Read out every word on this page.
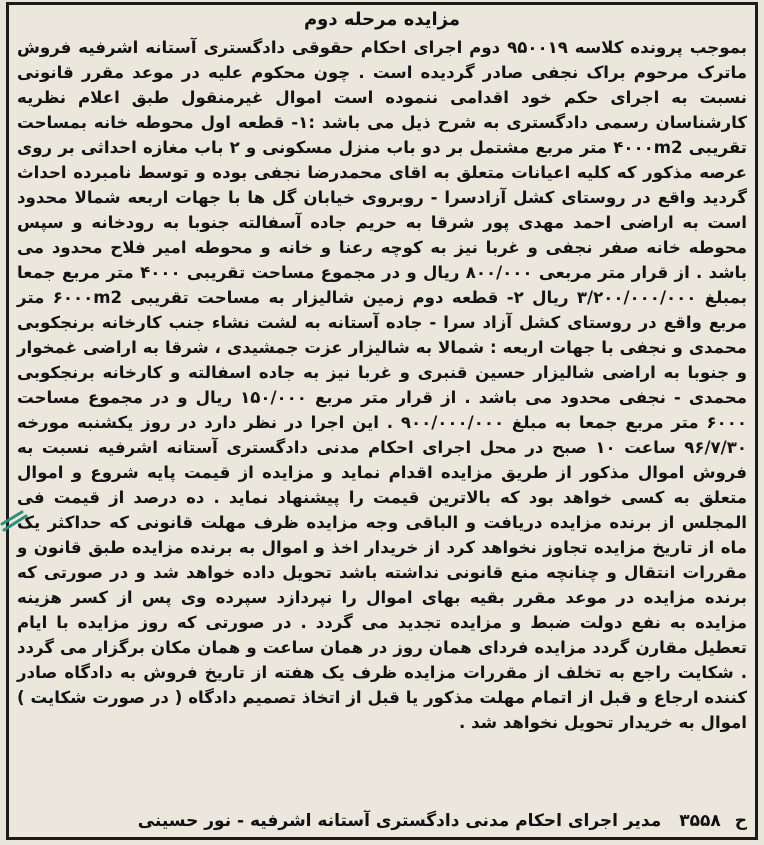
مزایده مرحله دوم

بموجب پرونده کلاسه ۹۵۰۰۱۹ دوم اجرای احکام حقوقی دادگستری آستانه اشرفیه فروش ماترک مرحوم براک نجفی صادر گردیده است . چون محکوم علیه در موعد مقرر قانونی نسبت به اجرای حکم خود اقدامی ننموده است اموال غیرمنقول طبق اعلام نظریه کارشناسان رسمی دادگستری به شرح ذیل می باشد :۱- قطعه اول محوطه خانه بمساحت تقریبی ۴۰۰۰m2 متر مربع مشتمل بر دو باب منزل مسکونی و ۲ باب مغازه احداثی بر روی عرصه مذکور که کلیه اعیانات متعلق به اقای محمدرضا نجفی بوده و توسط نامبرده احداث گردید واقع در روستای کشل آزادسرا - روبروی خیابان گل ها با جهات اربعه شمالا محدود است به اراضی احمد مهدی پور شرقا به حریم جاده آسفالته جنوبا به رودخانه و سپس محوطه خانه صفر نجفی و غربا نیز به کوچه رعنا و خانه و محوطه امیر فلاح محدود می باشد . از قرار متر مربعی ۸۰۰/۰۰۰ ریال و در مجموع مساحت تقریبی ۴۰۰۰ متر مربع جمعا بمبلغ ۳/۲۰۰/۰۰۰/۰۰۰ ریال ۲- قطعه دوم زمین شالیزار به مساحت تقریبی ۶۰۰۰m2 متر مربع واقع در روستای کشل آزاد سرا - جاده آستانه به لشت نشاء جنب کارخانه برنجکوبی محمدی و نجفی با جهات اربعه : شمالا به شالیزار عزت جمشیدی ، شرقا به اراضی غمخوار و جنوبا به اراضی شالیزار حسین قنبری و غربا نیز به جاده اسفالته و کارخانه برنجکوبی محمدی - نجفی محدود می باشد . از قرار متر مربع ۱۵۰/۰۰۰ ریال و در مجموع مساحت ۶۰۰۰ متر مربع جمعا به مبلغ ۹۰۰/۰۰۰/۰۰۰ . این اجرا در نظر دارد در روز یکشنبه مورخه ۹۶/۷/۳۰ ساعت ۱۰ صبح در محل اجرای احکام مدنی دادگستری آستانه اشرفیه نسبت به فروش اموال مذکور از طریق مزایده اقدام نماید و مزایده از قیمت پایه شروع و اموال متعلق به کسی خواهد بود که بالاترین قیمت را پیشنهاد نماید . ده درصد از قیمت فی المجلس از برنده مزایده دریافت و الباقی وجه مزایده ظرف مهلت قانونی که حداکثر یک ماه از تاریخ مزایده تجاوز نخواهد کرد از خریدار اخذ و اموال به برنده مزایده طبق قانون و مقررات انتقال و چنانچه منع قانونی نداشته باشد تحویل داده خواهد شد و در صورتی که برنده مزایده در موعد مقرر بقیه بهای اموال را نپردازد سپرده وی پس از کسر هزینه مزایده به نفع دولت ضبط و مزایده تجدید می گردد . در صورتی که روز مزایده با ایام تعطیل مقارن گردد مزایده فردای همان روز در همان ساعت و همان مکان برگزار می گردد . شکایت راجع به تخلف از مقررات مزایده ظرف یک هفته از تاریخ فروش به دادگاه صادر کننده ارجاع و قبل از اتمام مهلت مذکور یا قبل از اتخاذ تصمیم دادگاه ( در صورت شکایت ) اموال به خریدار تحویل نخواهد شد .

ح
۳۵۵۸
مدیر اجرای احکام مدنی دادگستری آستانه اشرفیه - نور حسینی
